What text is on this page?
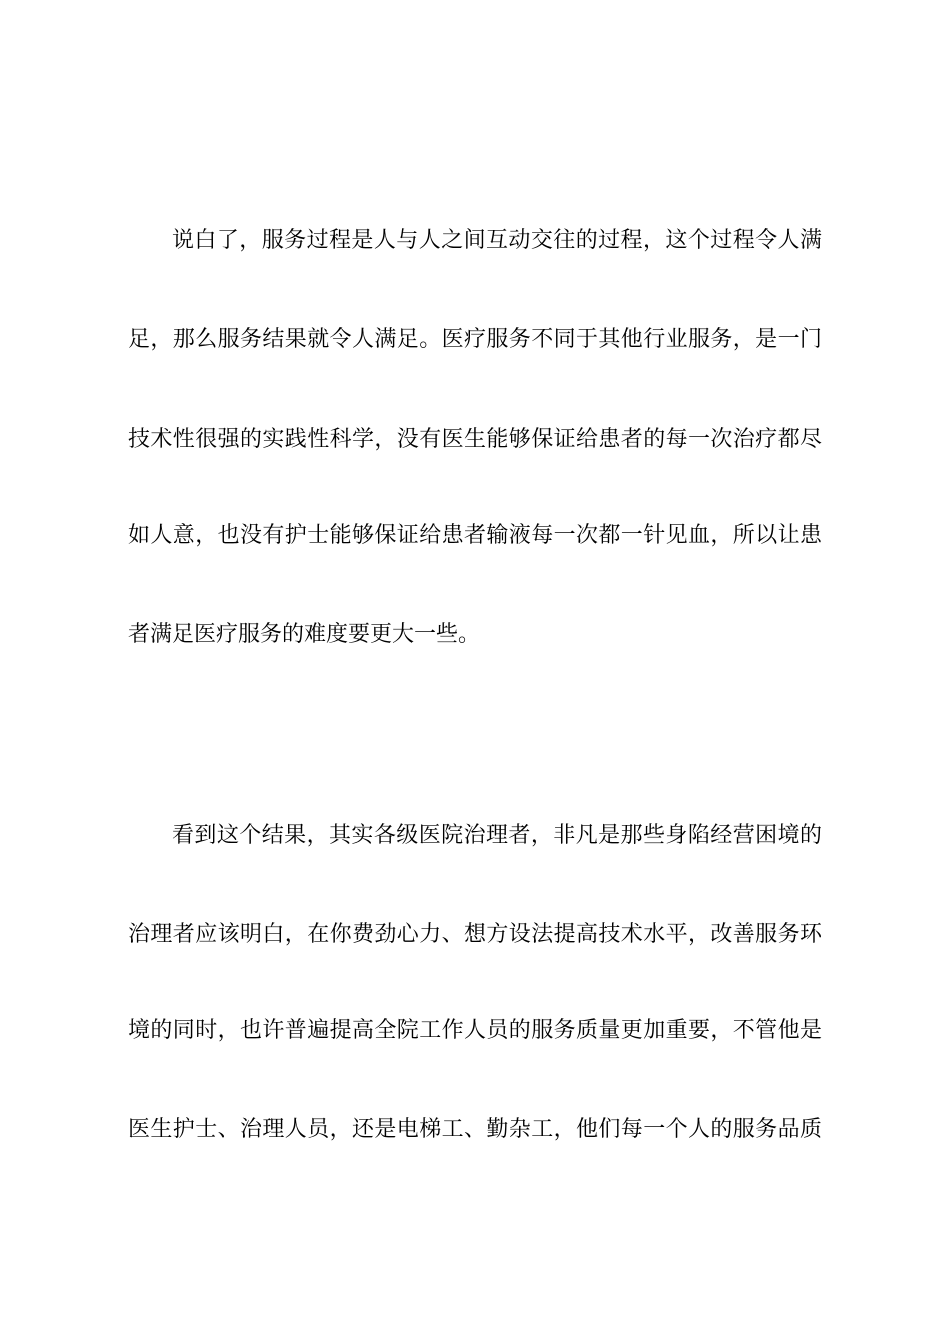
说白了，服务过程是人与人之间互动交往的过程，这个过程令人满
足，那么服务结果就令人满足。医疗服务不同于其他行业服务，是一门
技术性很强的实践性科学，没有医生能够保证给患者的每一次治疗都尽
如人意，也没有护士能够保证给患者输液每一次都一针见血，所以让患
者满足医疗服务的难度要更大一些。
看到这个结果，其实各级医院治理者，非凡是那些身陷经营困境的
治理者应该明白，在你费劲心力、想方设法提高技术水平，改善服务环
境的同时，也许普遍提高全院工作人员的服务质量更加重要，不管他是
医生护士、治理人员，还是电梯工、勤杂工，他们每一个人的服务品质
